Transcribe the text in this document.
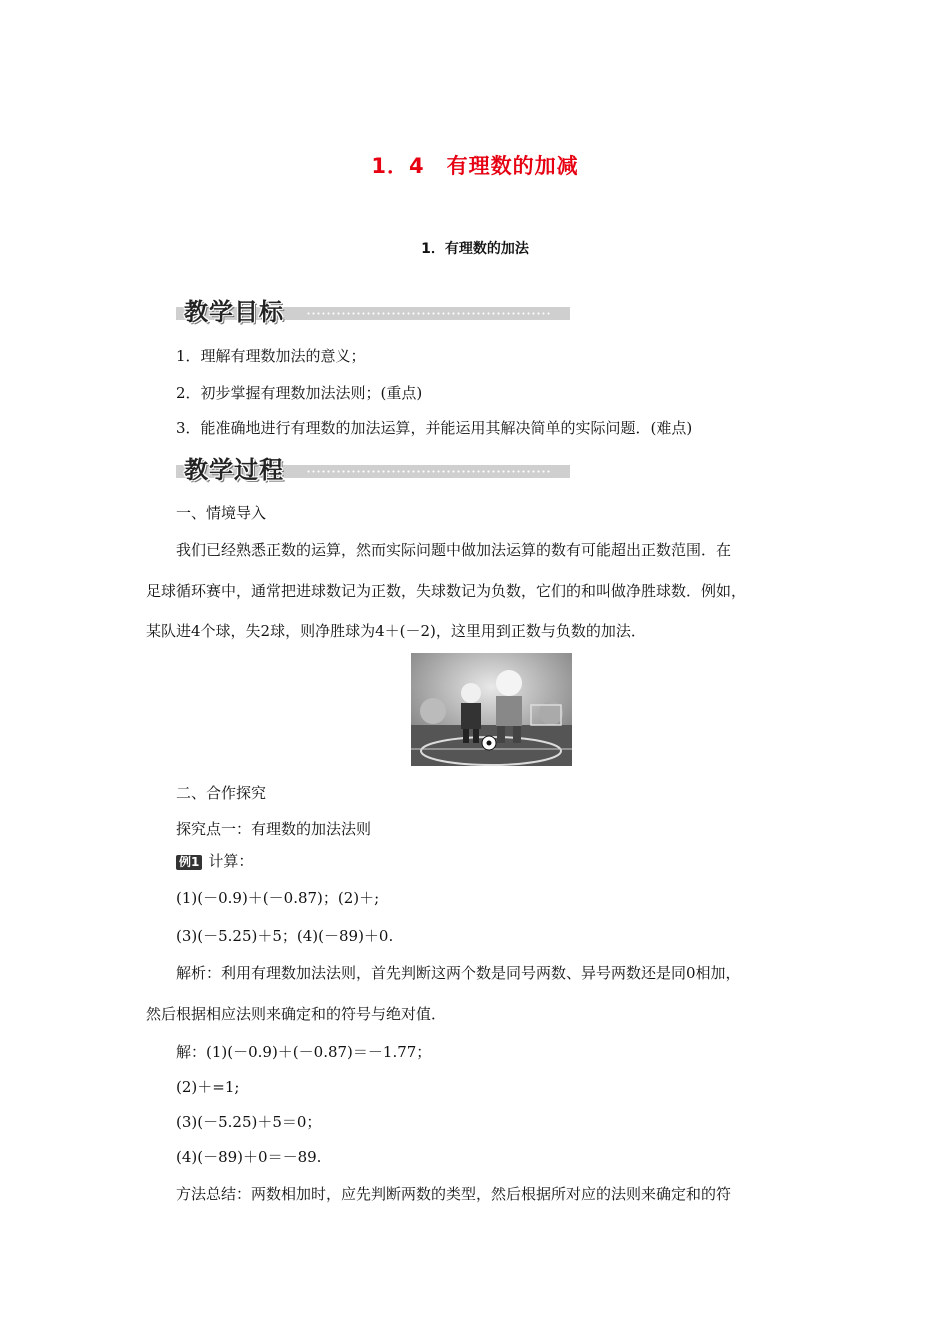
1．4　有理数的加减
1．有理数的加法
教学目标
1．理解有理数加法的意义；
2．初步掌握有理数加法法则；(重点)
3．能准确地进行有理数的加法运算，并能运用其解决简单的实际问题．(难点)
教学过程
一、情境导入
我们已经熟悉正数的运算，然而实际问题中做加法运算的数有可能超出正数范围．在
足球循环赛中，通常把进球数记为正数，失球数记为负数，它们的和叫做净胜球数．例如，
某队进4个球，失2球，则净胜球为4＋(－2)，这里用到正数与负数的加法．
二、合作探究
探究点一：有理数的加法法则
例1 计算：
(1)(－0.9)＋(－0.87)；(2)＋;
(3)(－5.25)＋5；(4)(－89)＋0.
解析：利用有理数加法法则，首先判断这两个数是同号两数、异号两数还是同0相加，
然后根据相应法则来确定和的符号与绝对值．
解：(1)(－0.9)＋(－0.87)＝－1.77；
(2)＋=1;
(3)(－5.25)＋5＝0；
(4)(－89)＋0＝－89.
方法总结：两数相加时，应先判断两数的类型，然后根据所对应的法则来确定和的符
